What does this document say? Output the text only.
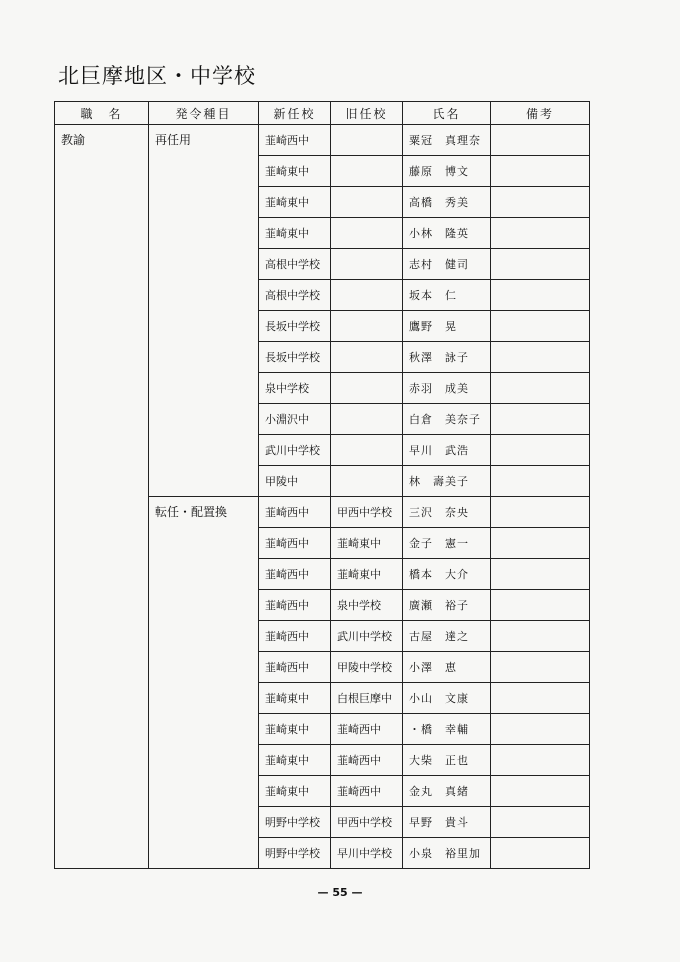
北巨摩地区・中学校
職　名	発令種目	新任校	旧任校	氏名	備考
教諭	再任用	韮崎西中		粟冠　真理奈	
		韮崎東中		藤原　博文	
		韮崎東中		高橋　秀美	
		韮崎東中		小林　隆英	
		高根中学校		志村　健司	
		高根中学校		坂本　仁	
		長坂中学校		鷹野　晃	
		長坂中学校		秋澤　詠子	
		泉中学校		赤羽　成美	
		小淵沢中		白倉　美奈子	
		武川中学校		早川　武浩	
		甲陵中		林　壽美子	
	転任・配置換	韮崎西中	甲西中学校	三沢　奈央	
		韮崎西中	韮崎東中	金子　憲一	
		韮崎西中	韮崎東中	橋本　大介	
		韮崎西中	泉中学校	廣瀬　裕子	
		韮崎西中	武川中学校	古屋　達之	
		韮崎西中	甲陵中学校	小澤　恵	
		韮崎東中	白根巨摩中	小山　文康	
		韮崎東中	韮崎西中	・橋　幸輔	
		韮崎東中	韮崎西中	大柴　正也	
		韮崎東中	韮崎西中	金丸　真緒	
		明野中学校	甲西中学校	早野　貴斗	
		明野中学校	早川中学校	小泉　裕里加	
— 55 —
